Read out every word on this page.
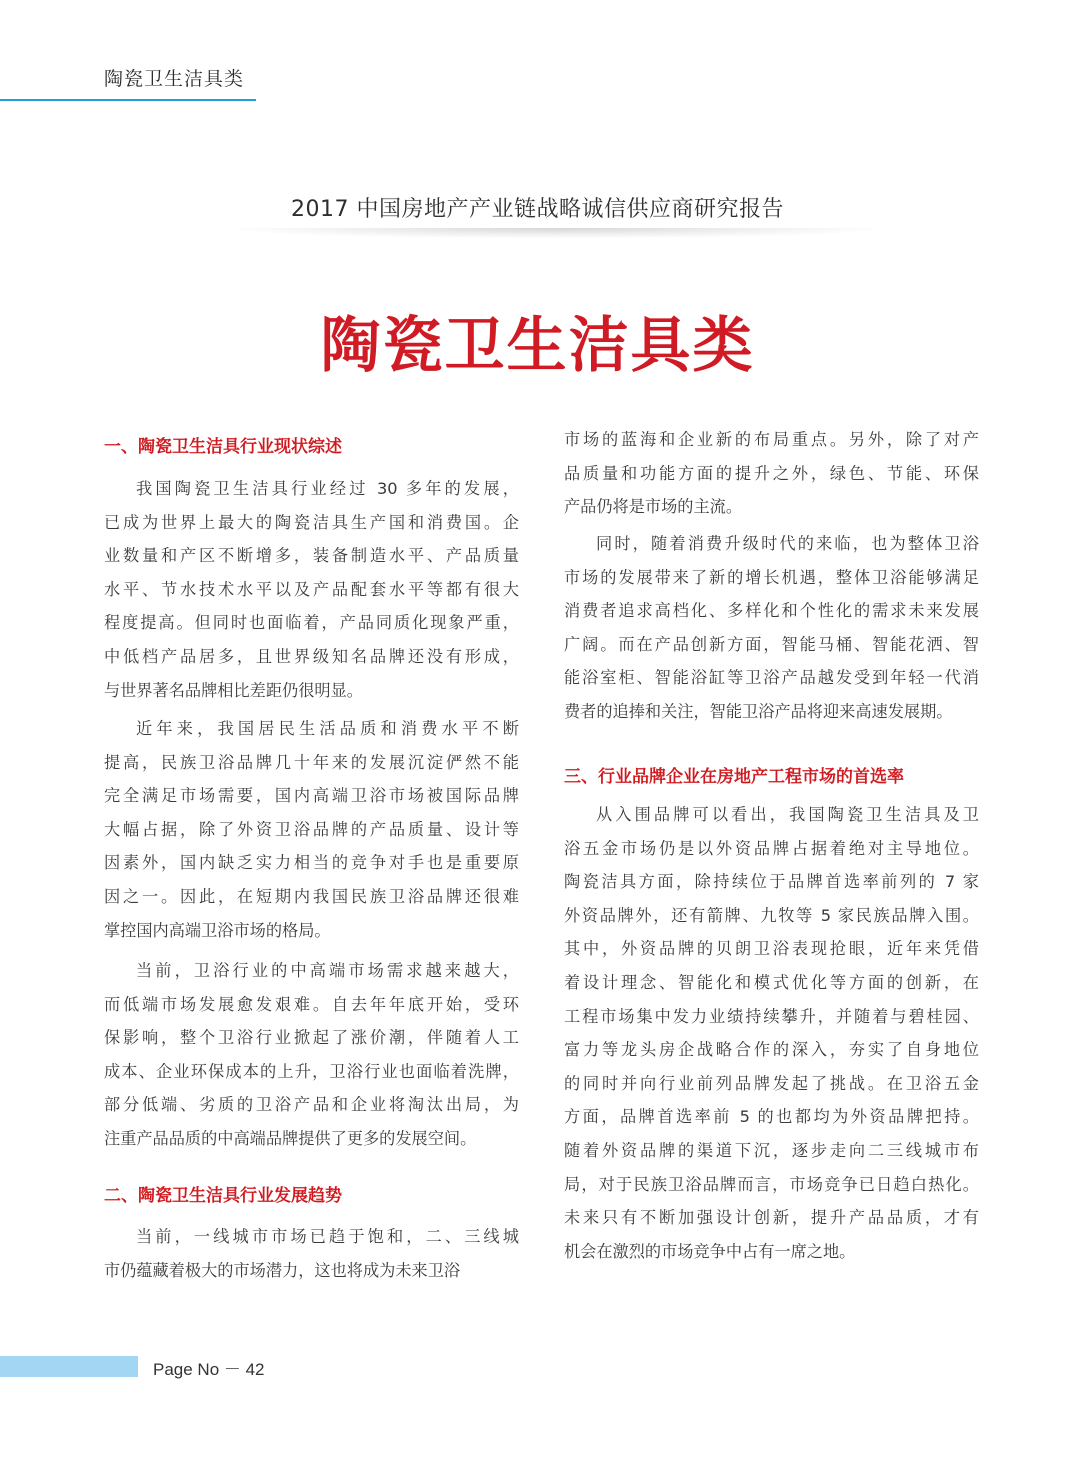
陶瓷卫生洁具类
2017 中国房地产产业链战略诚信供应商研究报告
陶瓷卫生洁具类
一、陶瓷卫生洁具行业现状综述
我国陶瓷卫生洁具行业经过 30 多年的发展，
已成为世界上最大的陶瓷洁具生产国和消费国。企
业数量和产区不断增多，装备制造水平、产品质量
水平、节水技术水平以及产品配套水平等都有很大
程度提高。但同时也面临着，产品同质化现象严重，
中低档产品居多，且世界级知名品牌还没有形成，
与世界著名品牌相比差距仍很明显。
近年来，我国居民生活品质和消费水平不断
提高，民族卫浴品牌几十年来的发展沉淀俨然不能
完全满足市场需要，国内高端卫浴市场被国际品牌
大幅占据，除了外资卫浴品牌的产品质量、设计等
因素外，国内缺乏实力相当的竞争对手也是重要原
因之一。因此，在短期内我国民族卫浴品牌还很难
掌控国内高端卫浴市场的格局。
当前，卫浴行业的中高端市场需求越来越大，
而低端市场发展愈发艰难。自去年年底开始，受环
保影响，整个卫浴行业掀起了涨价潮，伴随着人工
成本、企业环保成本的上升，卫浴行业也面临着洗牌，
部分低端、劣质的卫浴产品和企业将淘汰出局，为
注重产品品质的中高端品牌提供了更多的发展空间。
当前，一线城市市场已趋于饱和，二、三线城
市仍蕴藏着极大的市场潜力，这也将成为未来卫浴
二、陶瓷卫生洁具行业发展趋势
市场的蓝海和企业新的布局重点。另外，除了对产
品质量和功能方面的提升之外，绿色、节能、环保
产品仍将是市场的主流。
同时，随着消费升级时代的来临，也为整体卫浴
市场的发展带来了新的增长机遇，整体卫浴能够满足
消费者追求高档化、多样化和个性化的需求未来发展
广阔。而在产品创新方面，智能马桶、智能花洒、智
能浴室柜、智能浴缸等卫浴产品越发受到年轻一代消
费者的追捧和关注，智能卫浴产品将迎来高速发展期。
从入围品牌可以看出，我国陶瓷卫生洁具及卫
浴五金市场仍是以外资品牌占据着绝对主导地位。
陶瓷洁具方面，除持续位于品牌首选率前列的 7 家
外资品牌外，还有箭牌、九牧等 5 家民族品牌入围。
其中，外资品牌的贝朗卫浴表现抢眼，近年来凭借
着设计理念、智能化和模式优化等方面的创新，在
工程市场集中发力业绩持续攀升，并随着与碧桂园、
富力等龙头房企战略合作的深入，夯实了自身地位
的同时并向行业前列品牌发起了挑战。在卫浴五金
方面，品牌首选率前 5 的也都均为外资品牌把持。
随着外资品牌的渠道下沉，逐步走向二三线城市布
局，对于民族卫浴品牌而言，市场竞争已日趋白热化。
未来只有不断加强设计创新，提升产品品质，才有
机会在激烈的市场竞争中占有一席之地。
三、行业品牌企业在房地产工程市场的首选率
Page No － 42
